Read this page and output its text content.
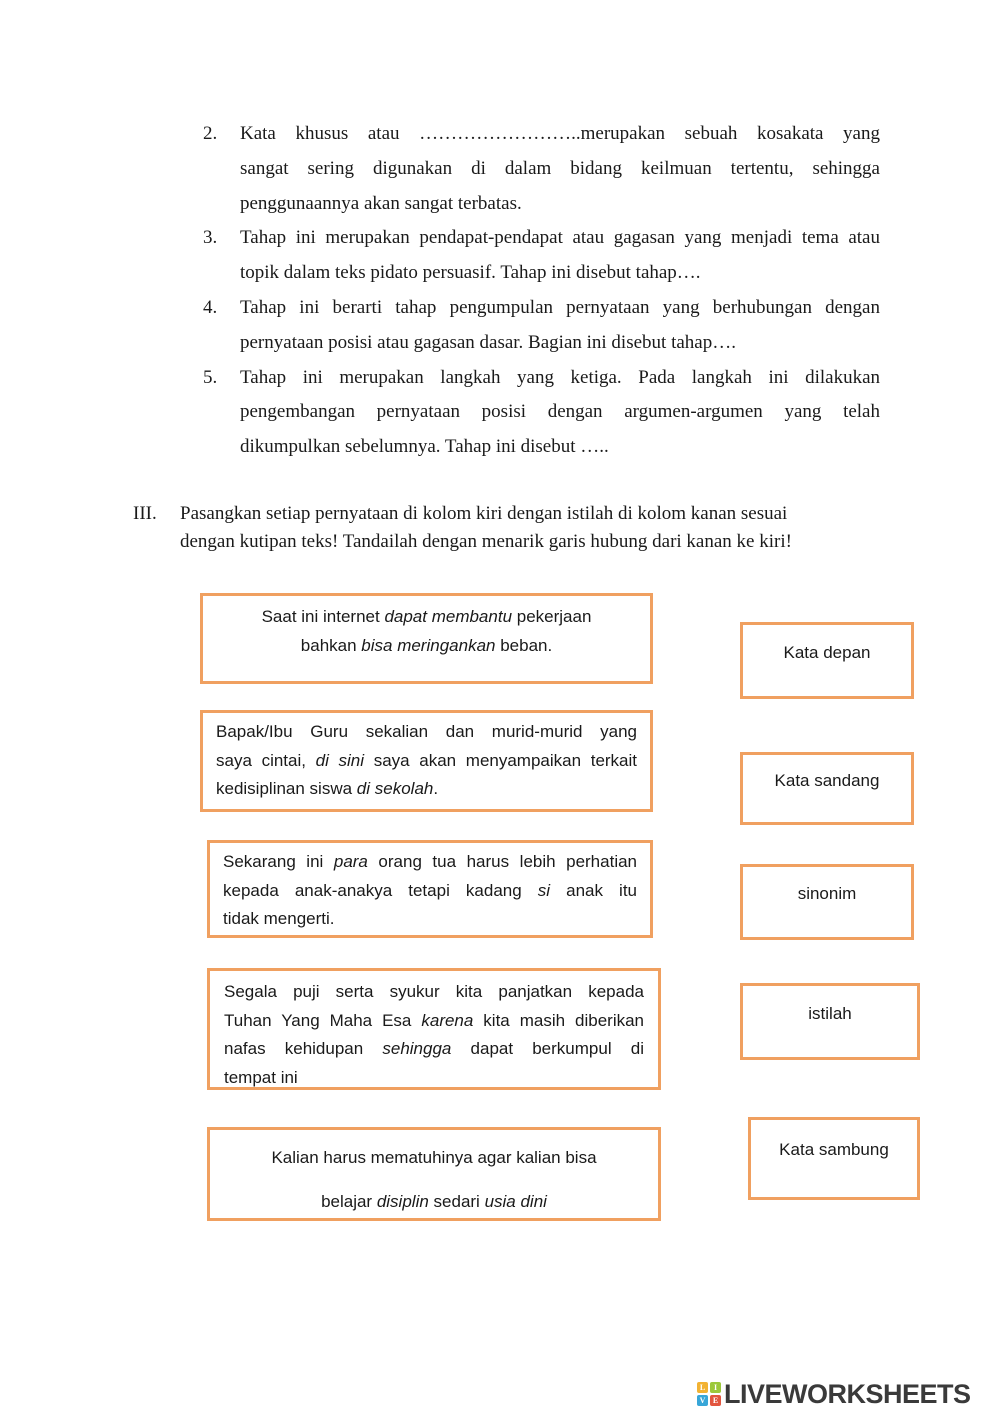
2. Kata khusus atau ……………………..merupakan sebuah kosakata yang
sangat sering digunakan di dalam bidang keilmuan tertentu, sehingga
penggunaannya akan sangat terbatas.
3. Tahap ini merupakan pendapat-pendapat atau gagasan yang menjadi tema atau
topik dalam teks pidato persuasif. Tahap ini disebut tahap….
4. Tahap ini berarti tahap pengumpulan pernyataan yang berhubungan dengan
pernyataan posisi atau gagasan dasar. Bagian ini disebut tahap….
5. Tahap ini merupakan langkah yang ketiga. Pada langkah ini dilakukan
pengembangan pernyataan posisi dengan argumen-argumen yang telah
dikumpulkan sebelumnya. Tahap ini disebut …..
III. Pasangkan setiap pernyataan di kolom kiri dengan istilah di kolom kanan sesuai
dengan kutipan teks! Tandailah dengan menarik garis hubung dari kanan ke kiri!
Saat ini internet dapat membantu pekerjaan
bahkan bisa meringankan beban.
Bapak/Ibu Guru sekalian dan murid-murid yang
saya cintai, di sini saya akan menyampaikan terkait
kedisiplinan siswa di sekolah.
Sekarang ini para orang tua harus lebih perhatian
kepada anak-anakya tetapi kadang si anak itu
tidak mengerti.
Segala puji serta syukur kita panjatkan kepada
Tuhan Yang Maha Esa karena kita masih diberikan
nafas kehidupan sehingga dapat berkumpul di
tempat ini
Kalian harus mematuhinya agar kalian bisa
belajar disiplin sedari usia dini
Kata depan
Kata sandang
sinonim
istilah
Kata sambung
L	I
V E LIVEWORKSHEETS
